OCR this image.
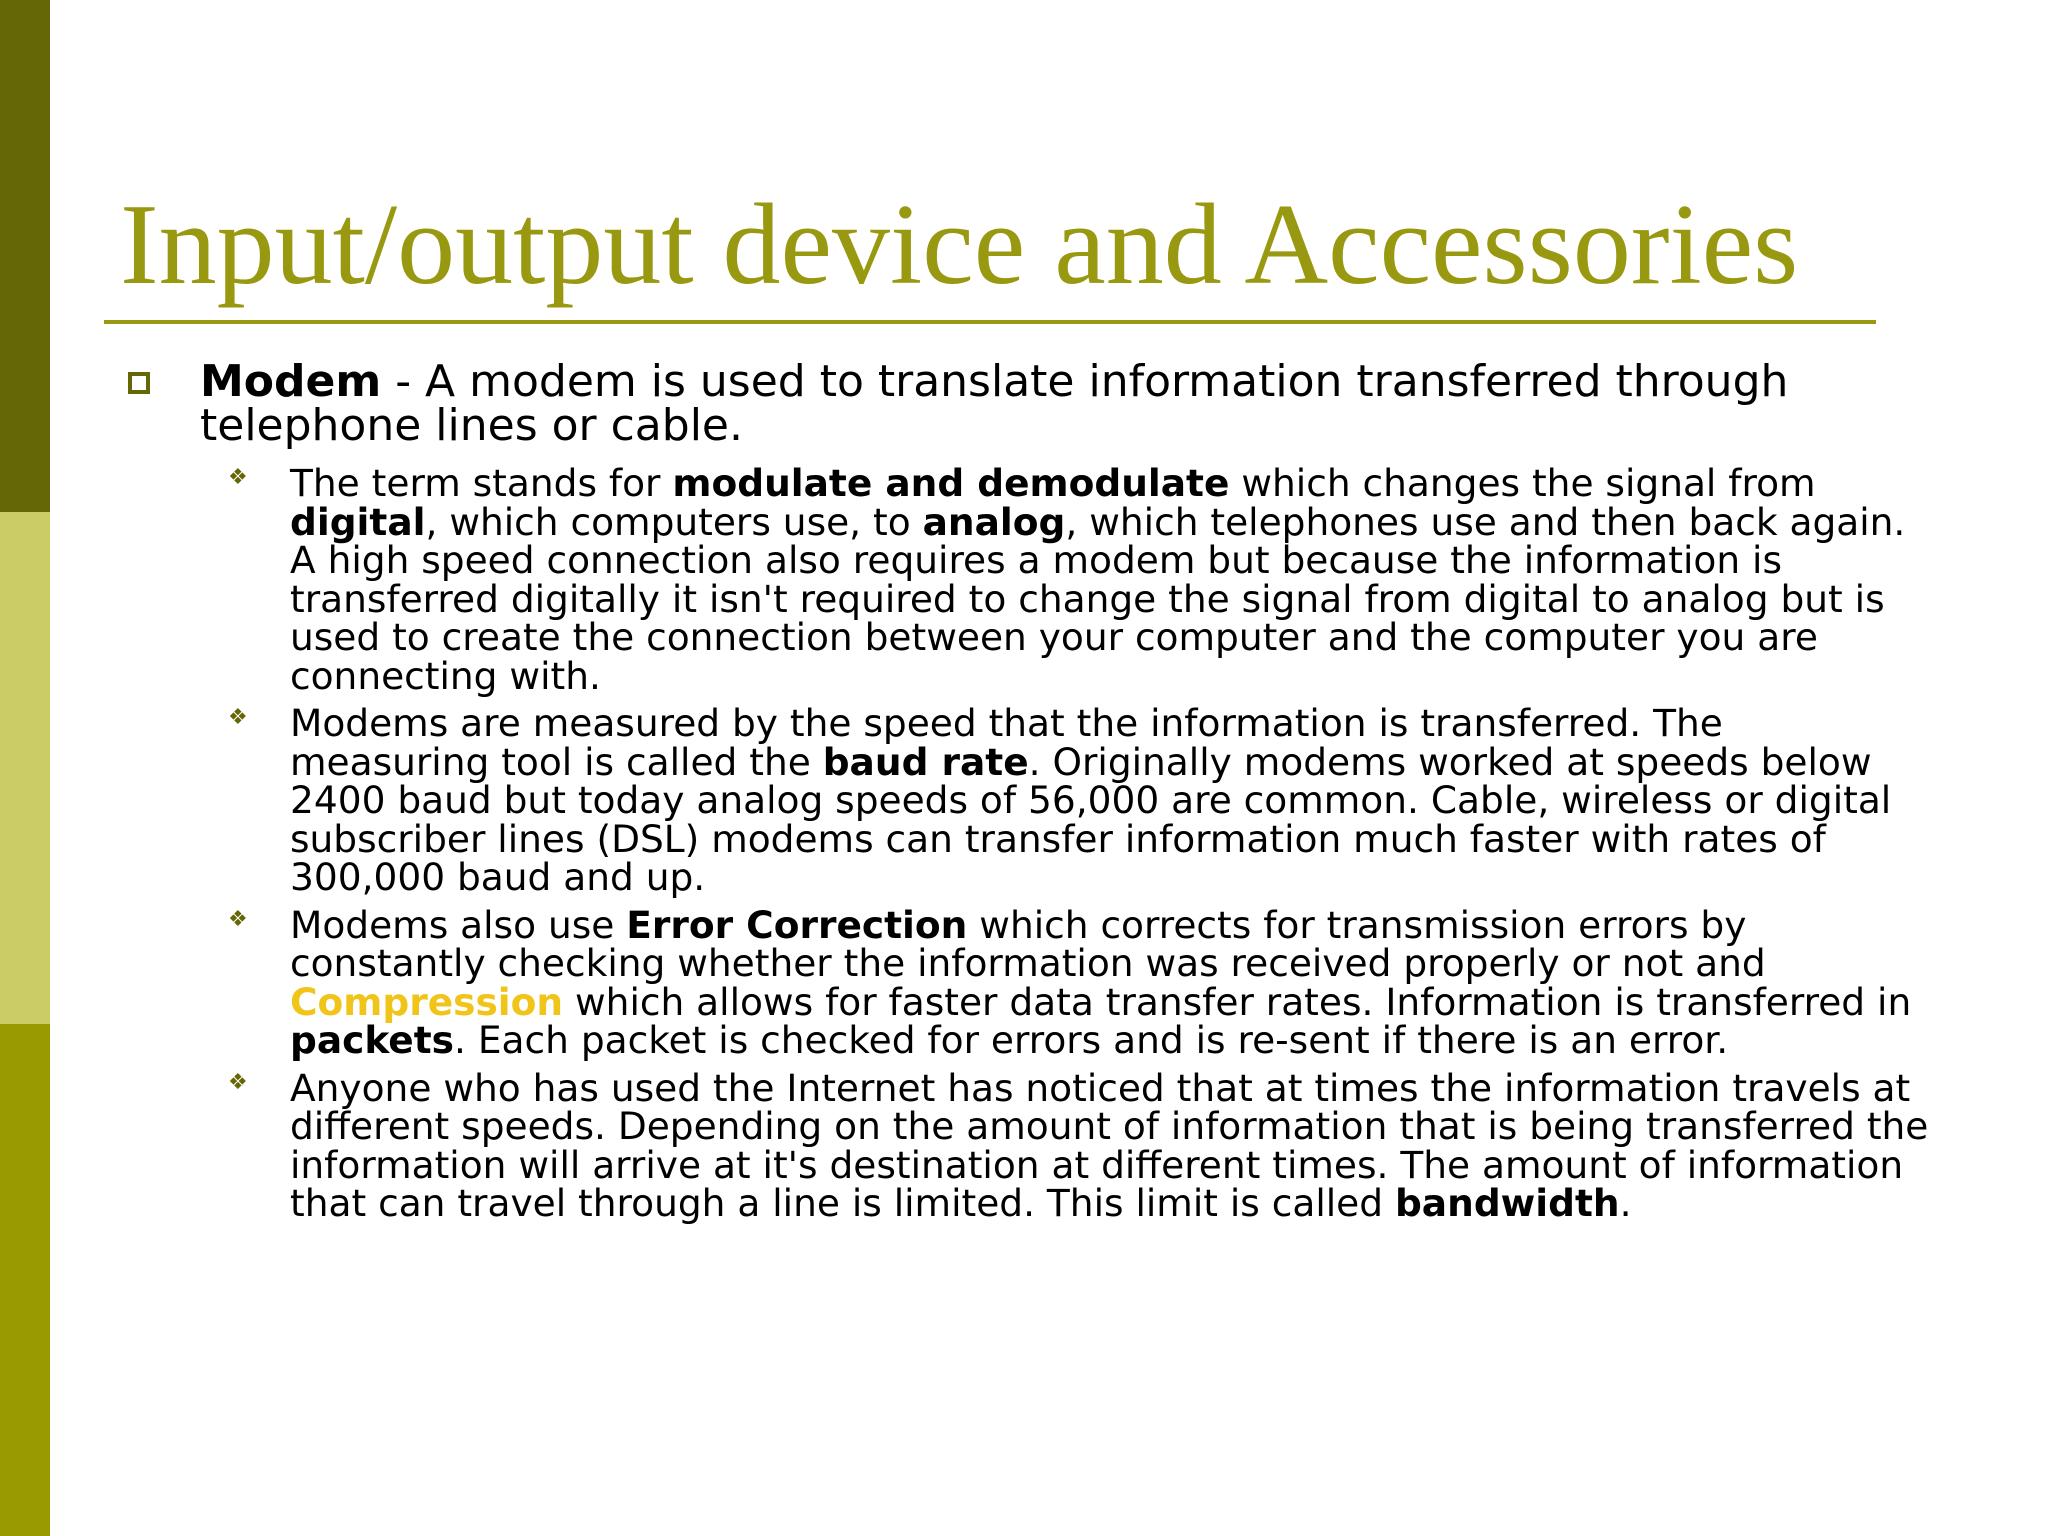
Input/output device and Accessories
Modem - A modem is used to translate information transferred through telephone lines or cable.
❖ The term stands for modulate and demodulate which changes the signal from digital, which computers use, to analog, which telephones use and then back again. A high speed connection also requires a modem but because the information is transferred digitally it isn't required to change the signal from digital to analog but is used to create the connection between your computer and the computer you are connecting with.
❖ Modems are measured by the speed that the information is transferred. The measuring tool is called the baud rate. Originally modems worked at speeds below 2400 baud but today analog speeds of 56,000 are common. Cable, wireless or digital subscriber lines (DSL) modems can transfer information much faster with rates of 300,000 baud and up.
❖ Modems also use Error Correction which corrects for transmission errors by constantly checking whether the information was received properly or not and Compression which allows for faster data transfer rates. Information is transferred in packets. Each packet is checked for errors and is re-sent if there is an error.
❖ Anyone who has used the Internet has noticed that at times the information travels at different speeds. Depending on the amount of information that is being transferred the information will arrive at it's destination at different times. The amount of information that can travel through a line is limited. This limit is called bandwidth.
